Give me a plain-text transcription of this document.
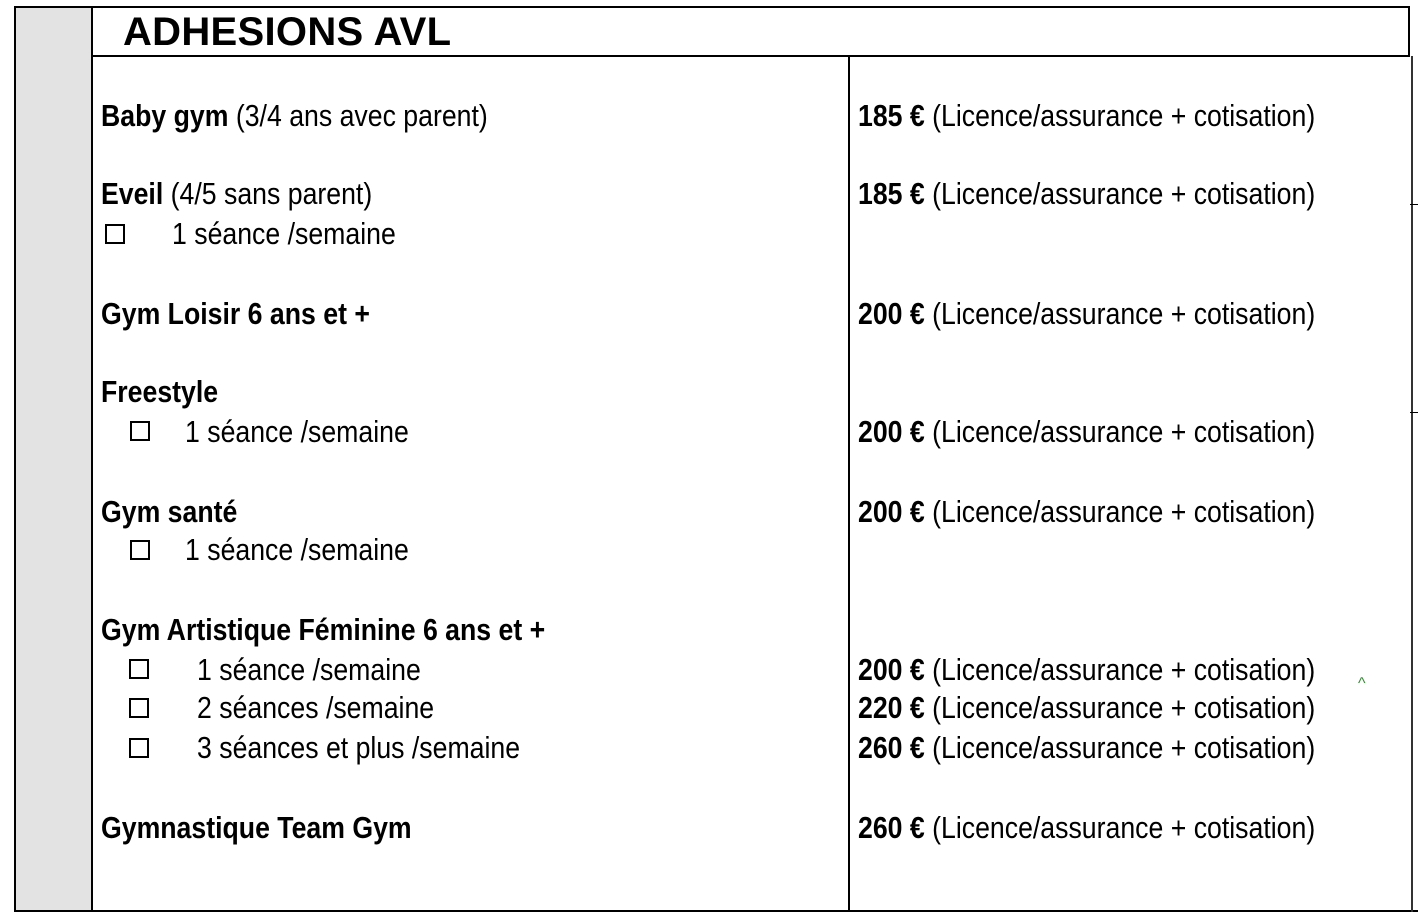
ADHESIONS AVL
Baby gym (3/4 ans avec parent)	185 € (Licence/assurance + cotisation)
Eveil (4/5 sans parent)	185 € (Licence/assurance + cotisation)
1 séance /semaine
Gym Loisir 6 ans et +	200 € (Licence/assurance + cotisation)
Freestyle
1 séance /semaine	200 € (Licence/assurance + cotisation)
Gym santé	200 € (Licence/assurance + cotisation)
1 séance /semaine
Gym Artistique Féminine 6 ans et +
1 séance /semaine	200 € (Licence/assurance + cotisation)	^
2 séances /semaine	220 € (Licence/assurance + cotisation)
3 séances et plus /semaine	260 € (Licence/assurance + cotisation)
Gymnastique Team Gym	260 € (Licence/assurance + cotisation)
